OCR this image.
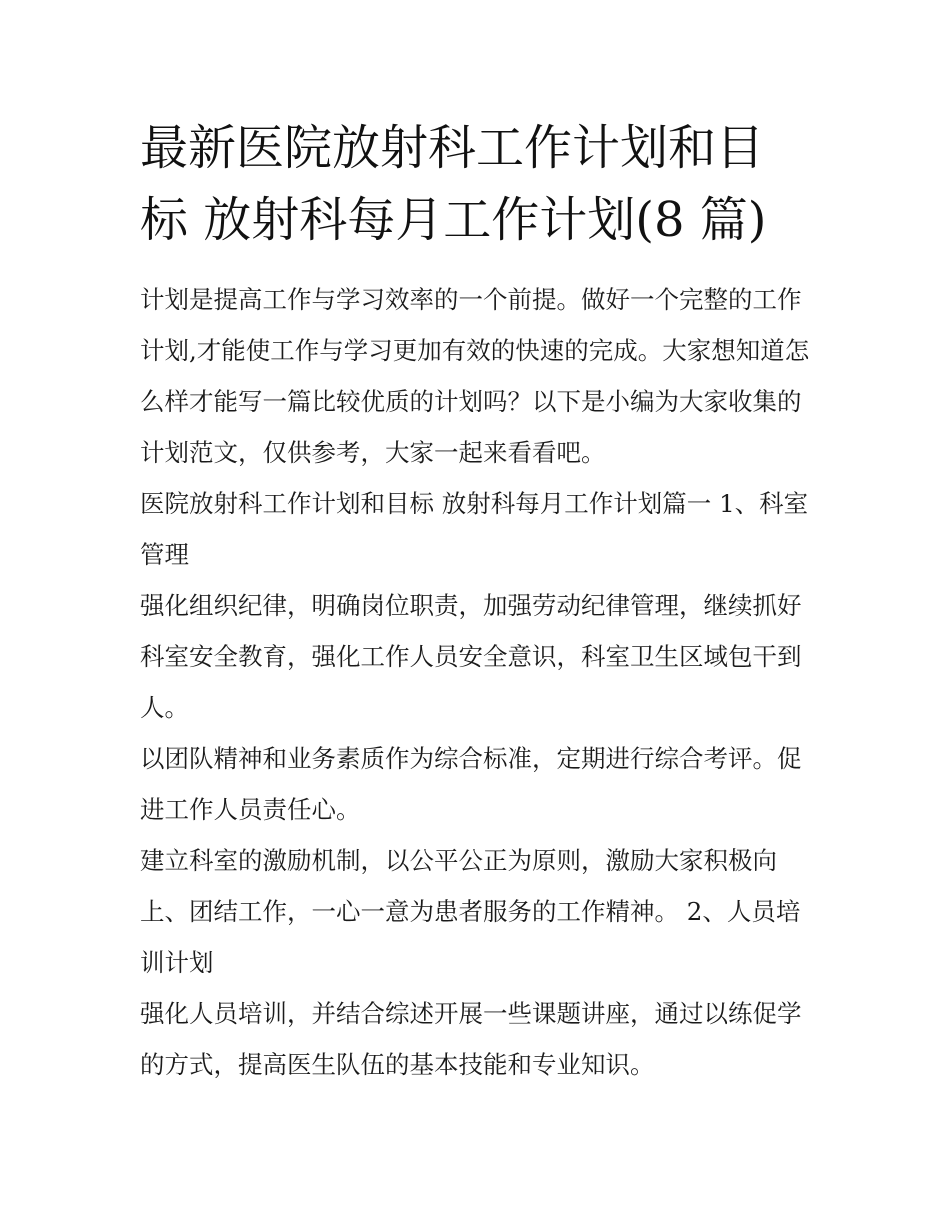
最新医院放射科工作计划和目
标 放射科每月工作计划(8 篇)

计划是提高工作与学习效率的一个前提。做好一个完整的工作计划,才能使工作与学习更加有效的快速的完成。大家想知道怎么样才能写一篇比较优质的计划吗？以下是小编为大家收集的计划范文，仅供参考，大家一起来看看吧。

医院放射科工作计划和目标 放射科每月工作计划篇一 1、科室管理

强化组织纪律，明确岗位职责，加强劳动纪律管理，继续抓好科室安全教育，强化工作人员安全意识，科室卫生区域包干到人。

以团队精神和业务素质作为综合标准，定期进行综合考评。促进工作人员责任心。

建立科室的激励机制，以公平公正为原则，激励大家积极向上、团结工作，一心一意为患者服务的工作精神。 2、人员培训计划

强化人员培训，并结合综述开展一些课题讲座，通过以练促学的方式，提高医生队伍的基本技能和专业知识。
